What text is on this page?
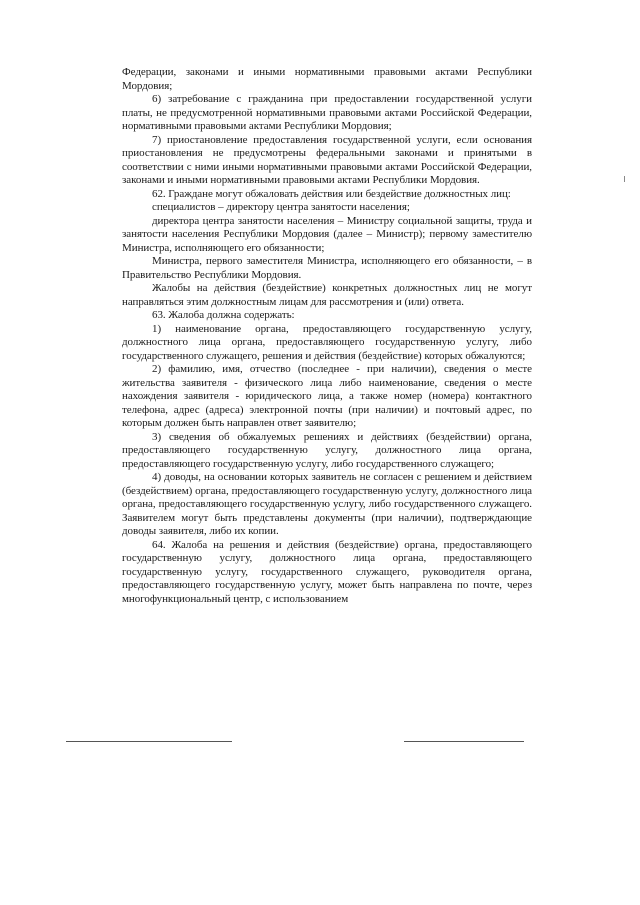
Федерации, законами и иными нормативными правовыми актами Республики Мордовия;

6) затребование с гражданина при предоставлении государственной услуги платы, не предусмотренной нормативными правовыми актами Российской Федерации, нормативными правовыми актами Республики Мордовия;

7) приостановление предоставления государственной услуги, если основания приостановления не предусмотрены федеральными законами и принятыми в соответствии с ними иными нормативными правовыми актами Российской Федерации, законами и иными нормативными правовыми актами Республики Мордовия.

62. Граждане могут обжаловать действия или бездействие должностных лиц:

специалистов – директору центра занятости населения;

директора центра занятости населения – Министру социальной защиты, труда и занятости населения Республики Мордовия (далее – Министр); первому заместителю Министра, исполняющего его обязанности;

Министра, первого заместителя Министра, исполняющего его обязанности, – в Правительство Республики Мордовия.

Жалобы на действия (бездействие) конкретных должностных лиц не могут направляться этим должностным лицам для рассмотрения и (или) ответа.

63. Жалоба должна содержать:

1) наименование органа, предоставляющего государственную услугу, должностного лица органа, предоставляющего государственную услугу, либо государственного служащего, решения и действия (бездействие) которых обжалуются;

2) фамилию, имя, отчество (последнее - при наличии), сведения о месте жительства заявителя - физического лица либо наименование, сведения о месте нахождения заявителя - юридического лица, а также номер (номера) контактного телефона, адрес (адреса) электронной почты (при наличии) и почтовый адрес, по которым должен быть направлен ответ заявителю;

3) сведения об обжалуемых решениях и действиях (бездействии) органа, предоставляющего государственную услугу, должностного лица органа, предоставляющего государственную услугу, либо государственного служащего;

4) доводы, на основании которых заявитель не согласен с решением и действием (бездействием) органа, предоставляющего государственную услугу, должностного лица органа, предоставляющего государственную услугу, либо государственного служащего. Заявителем могут быть представлены документы (при наличии), подтверждающие доводы заявителя, либо их копии.

64. Жалоба на решения и действия (бездействие) органа, предоставляющего государственную услугу, должностного лица органа, предоставляющего государственную услугу, государственного служащего, руководителя органа, предоставляющего государственную услугу, может быть направлена по почте, через многофункциональный центр, с использованием
